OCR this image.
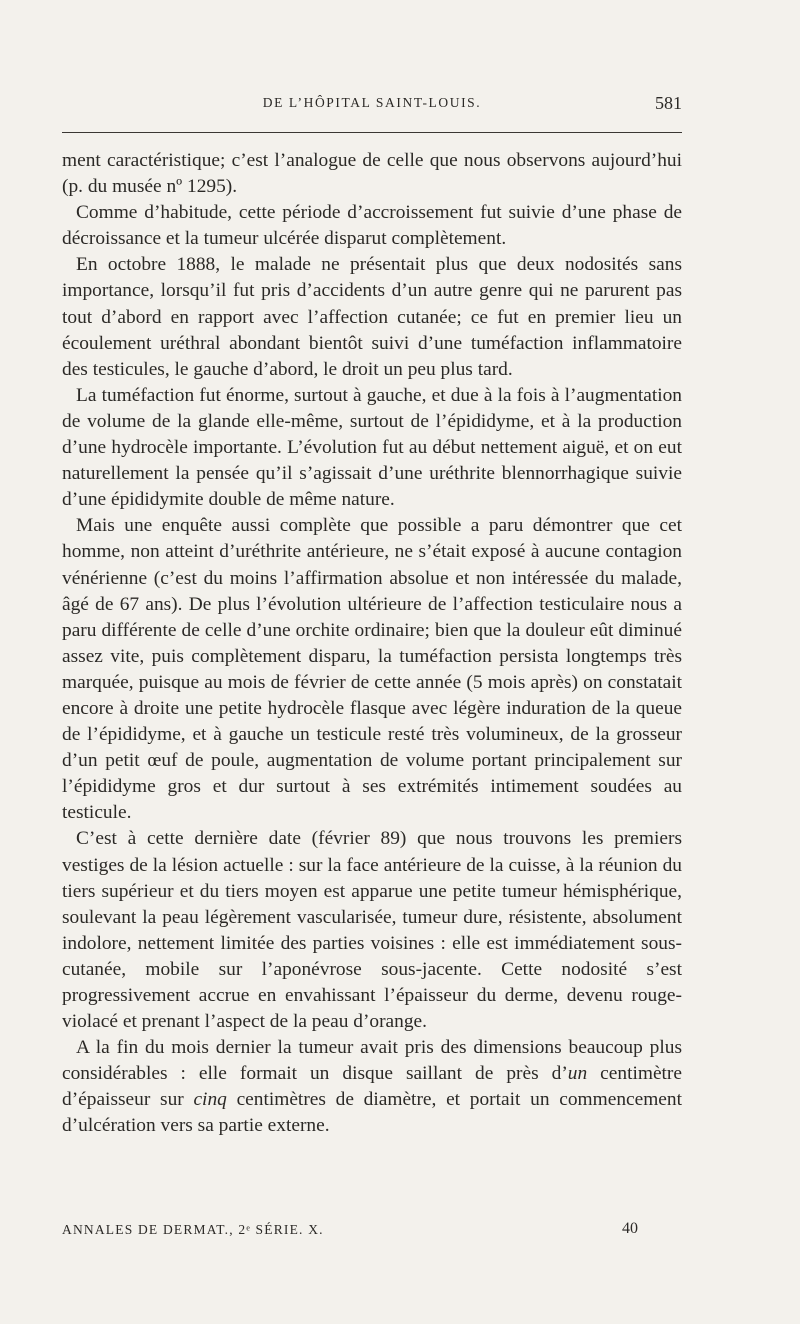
DE L’HÔPITAL SAINT-LOUIS.	581

ment caractéristique; c’est l’analogue de celle que nous observons aujourd’hui (p. du musée nº 1295).

Comme d’habitude, cette période d’accroissement fut suivie d’une phase de décroissance et la tumeur ulcérée disparut complètement.

En octobre 1888, le malade ne présentait plus que deux nodosités sans importance, lorsqu’il fut pris d’accidents d’un autre genre qui ne parurent pas tout d’abord en rapport avec l’affection cutanée; ce fut en premier lieu un écoulement uréthral abondant bientôt suivi d’une tuméfaction inflammatoire des testicules, le gauche d’abord, le droit un peu plus tard.

La tuméfaction fut énorme, surtout à gauche, et due à la fois à l’augmentation de volume de la glande elle-même, surtout de l’épididyme, et à la production d’une hydrocèle importante. L’évolution fut au début nettement aiguë, et on eut naturellement la pensée qu’il s’agissait d’une uréthrite blennorrhagique suivie d’une épididymite double de même nature.

Mais une enquête aussi complète que possible a paru démontrer que cet homme, non atteint d’uréthrite antérieure, ne s’était exposé à aucune contagion vénérienne (c’est du moins l’affirmation absolue et non intéressée du malade, âgé de 67 ans). De plus l’évolution ultérieure de l’affection testiculaire nous a paru différente de celle d’une orchite ordinaire; bien que la douleur eût diminué assez vite, puis complètement disparu, la tuméfaction persista longtemps très marquée, puisque au mois de février de cette année (5 mois après) on constatait encore à droite une petite hydrocèle flasque avec légère induration de la queue de l’épididyme, et à gauche un testicule resté très volumineux, de la grosseur d’un petit œuf de poule, augmentation de volume portant principalement sur l’épididyme gros et dur surtout à ses extrémités intimement soudées au testicule.

C’est à cette dernière date (février 89) que nous trouvons les premiers vestiges de la lésion actuelle : sur la face antérieure de la cuisse, à la réunion du tiers supérieur et du tiers moyen est apparue une petite tumeur hémisphérique, soulevant la peau légèrement vascularisée, tumeur dure, résistente, absolument indolore, nettement limitée des parties voisines : elle est immédiatement sous-cutanée, mobile sur l’aponévrose sous-jacente. Cette nodosité s’est progressivement accrue en envahissant l’épaisseur du derme, devenu rouge-violacé et prenant l’aspect de la peau d’orange.

A la fin du mois dernier la tumeur avait pris des dimensions beaucoup plus considérables : elle formait un disque saillant de près d’un centimètre d’épaisseur sur cinq centimètres de diamètre, et portait un commencement d’ulcération vers sa partie externe.

ANNALES DE DERMAT., 2ᵉ SÉRIE. X.	40
